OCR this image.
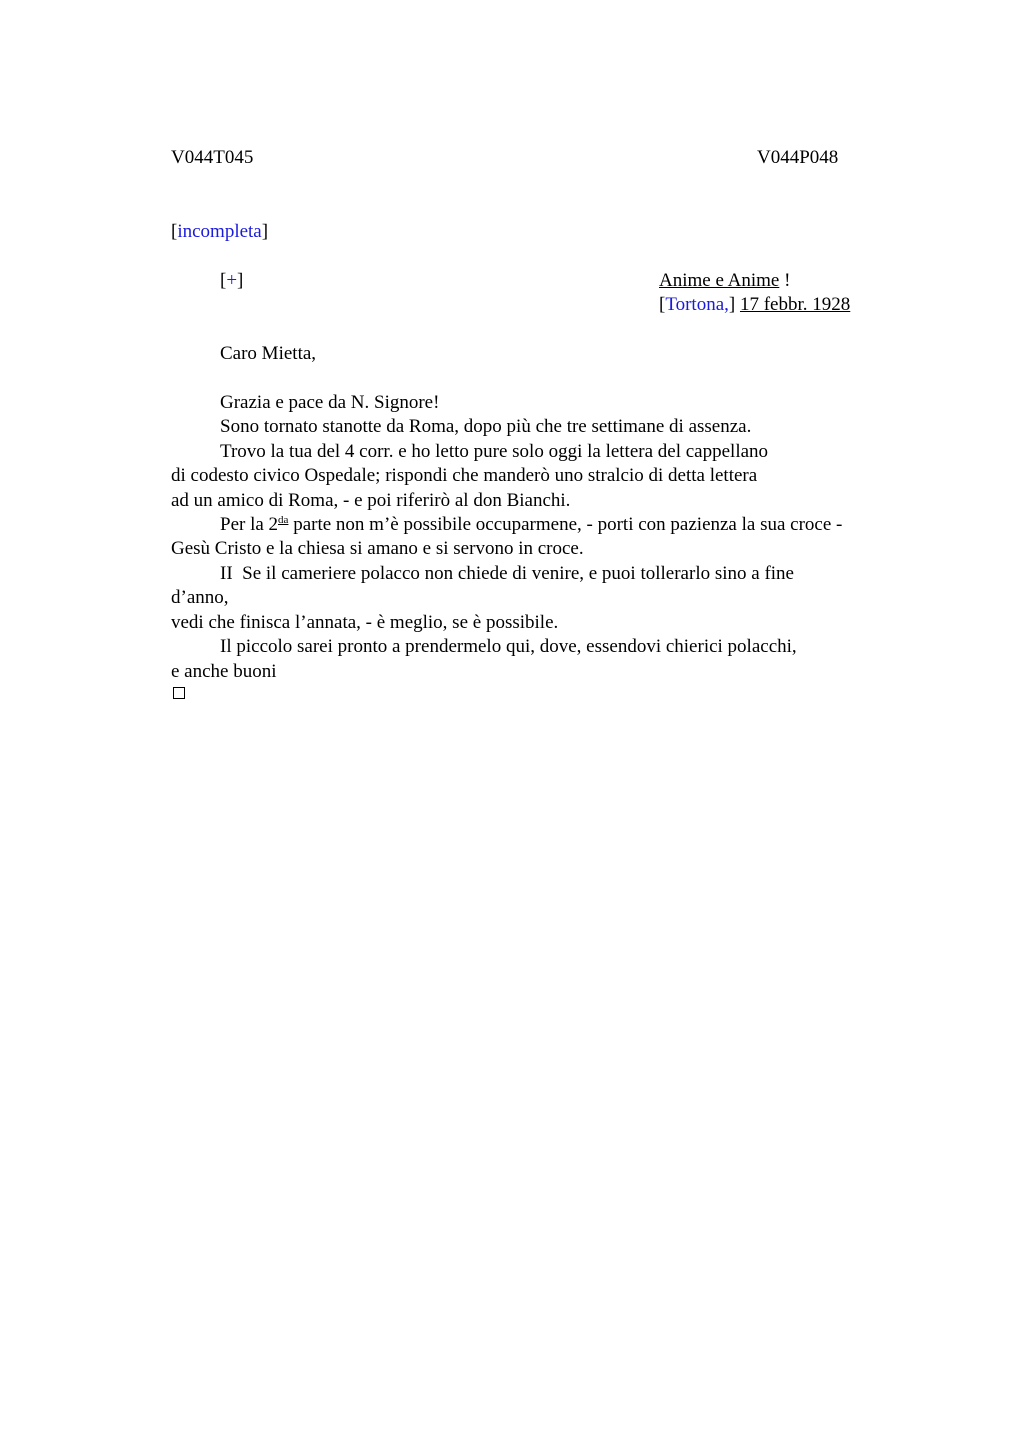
V044T045	V044P048
[incompleta]
[+]	Anime e Anime !
[Tortona,] 17 febbr. 1928
Caro Mietta,
Grazia e pace da N. Signore!
Sono tornato stanotte da Roma, dopo più che tre settimane di assenza.
Trovo la tua del 4 corr. e ho letto pure solo oggi la lettera del cappellano
di codesto civico Ospedale; rispondi che manderò uno stralcio di detta lettera
ad un amico di Roma, - e poi riferirò al don Bianchi.
Per la $2^{da}$ parte non m’è possibile occuparmene, - porti con pazienza la sua croce -
Gesù Cristo e la chiesa si amano e si servono in croce.
II  Se il cameriere polacco non chiede di venire, e puoi tollerarlo sino a fine
d’anno,
vedi che finisca l’annata, - è meglio, se è possibile.
Il piccolo sarei pronto a prendermelo qui, dove, essendovi chierici polacchi,
e anche buoni
